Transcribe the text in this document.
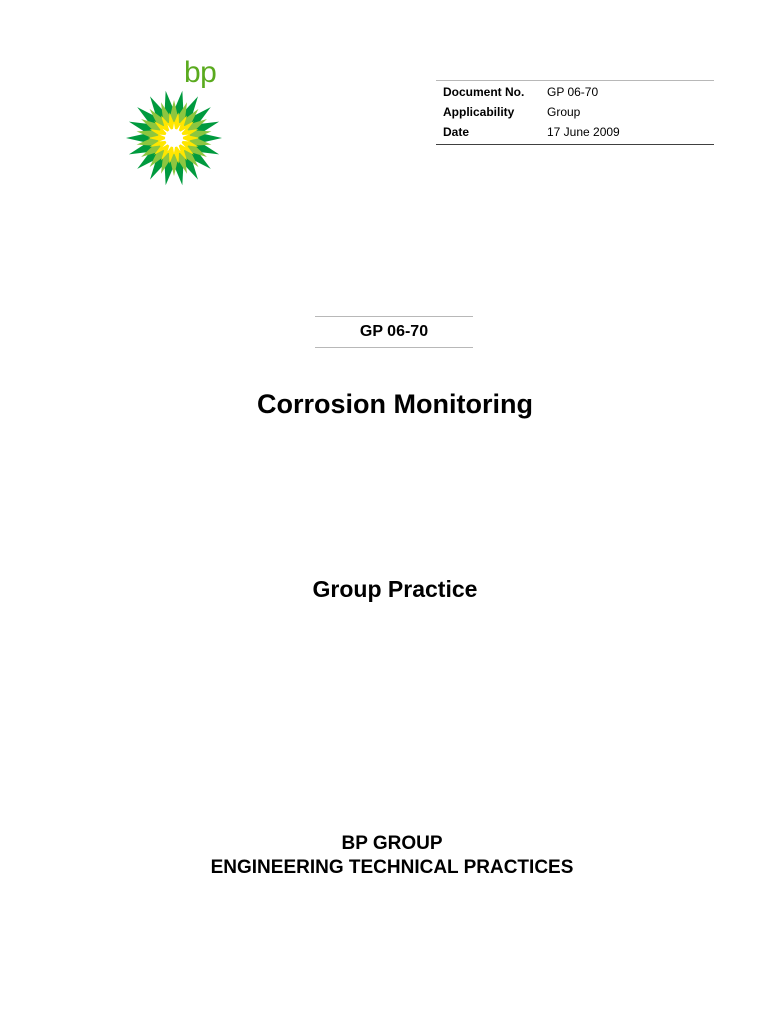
bp
Document No.	GP 06-70
Applicability	Group
Date	17 June 2009
GP 06-70
Corrosion Monitoring
Group Practice
BP GROUP
ENGINEERING TECHNICAL PRACTICES
